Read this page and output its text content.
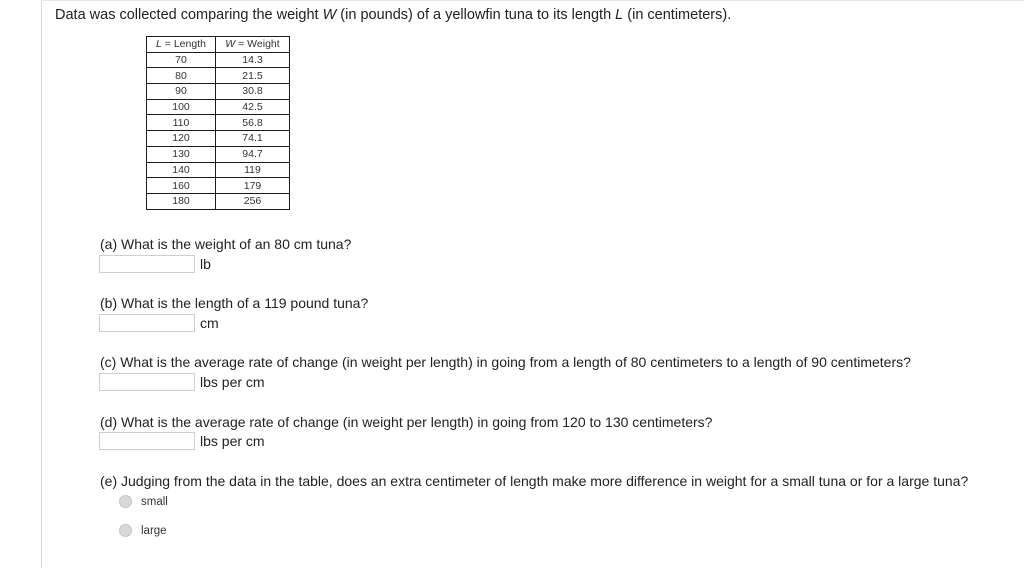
Data was collected comparing the weight W (in pounds) of a yellowfin tuna to its length L (in centimeters).
L = Length	W = Weight
70	14.3
80	21.5
90	30.8
100	42.5
110	56.8
120	74.1
130	94.7
140	119
160	179
180	256
(a) What is the weight of an 80 cm tuna?
lb
(b) What is the length of a 119 pound tuna?
cm
(c) What is the average rate of change (in weight per length) in going from a length of 80 centimeters to a length of 90 centimeters?
lbs per cm
(d) What is the average rate of change (in weight per length) in going from 120 to 130 centimeters?
lbs per cm
(e) Judging from the data in the table, does an extra centimeter of length make more difference in weight for a small tuna or for a large tuna?
small
large
